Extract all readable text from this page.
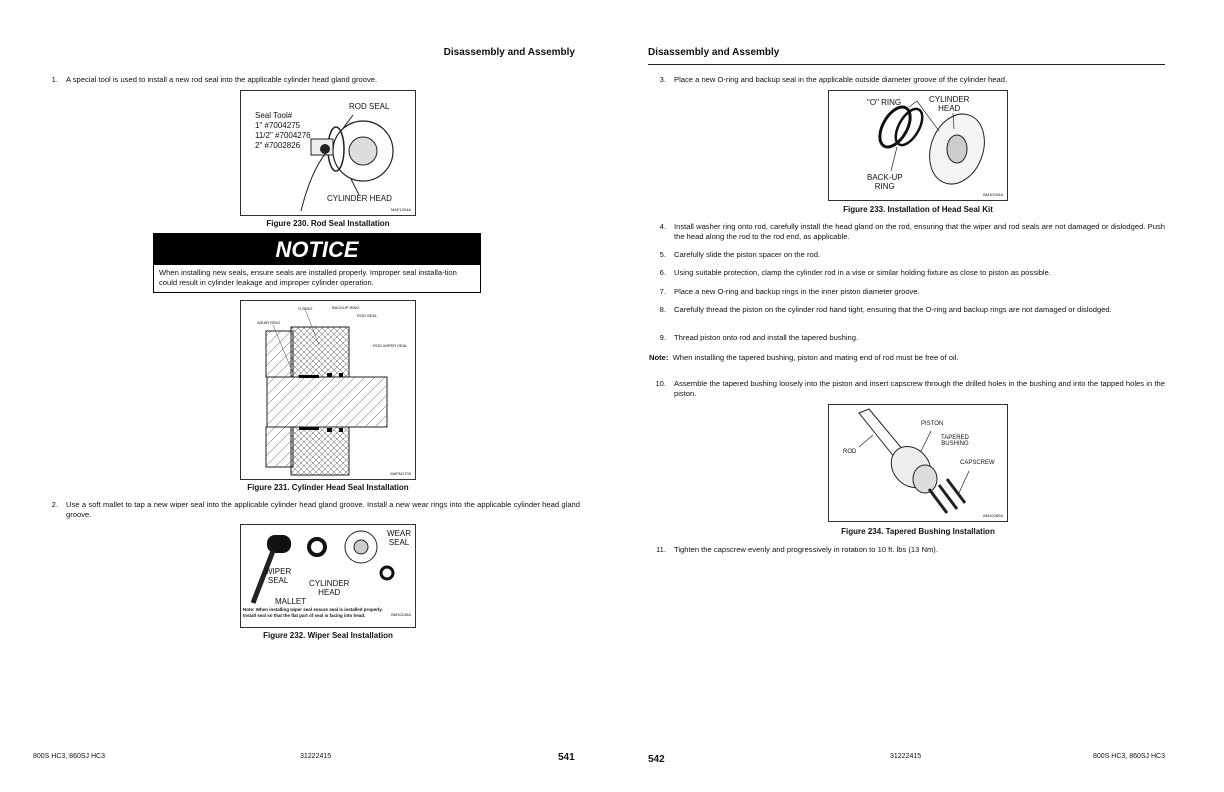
Disassembly and Assembly
1. A special tool is used to install a new rod seal into the applicable cylinder head gland groove.
Seal Tool#
1" #7004275
11/2" #7004276
2" #7002826
ROD SEAL
CYLINDER HEAD
MAF1204A
Figure 230. Rod Seal Installation
NOTICE
When installing new seals, ensure seals are installed properly. Improper seal installa-tion could result in cylinder leakage and improper cylinder operation.
O-RING	BACKUP RING
ROD SEAL
WEAR RING
ROD WIPER SEAL
MAFM1700
Figure 231. Cylinder Head Seal Installation
2. Use a soft mallet to tap a new wiper seal into the applicable cylinder head gland groove. Install a new wear rings into the applicable cylinder head gland groove.
WEAR
SEAL
WIPER
SEAL	CYLINDER
HEAD
MALLET
Note: When installing wiper seal ensure seal is installed properly. Install seal so that the flat part of seal is facing into head.	BM10245A
Figure 232. Wiper Seal Installation
800S HC3, 860SJ HC3	31222415	541
Disassembly and Assembly
3. Place a new O-ring and backup seal in the applicable outside diameter groove of the cylinder head.
"O" RING	CYLINDER
HEAD
BACK-UP
RING
BM10294A
Figure 233. Installation of Head Seal Kit
4. Install washer ring onto rod, carefully install the head gland on the rod, ensuring that the wiper and rod seals are not damaged or dislodged. Push the head along the rod to the rod end, as applicable.
5. Carefully slide the piston spacer on the rod.
6. Using suitable protection, clamp the cylinder rod in a vise or similar holding fixture as close to piston as possible.
7. Place a new O-ring and backup rings in the inner piston diameter groove.
8. Carefully thread the piston on the cylinder rod hand tight, ensuring that the O-ring and backup rings are not damaged or dislodged.
9. Thread piston onto rod and install the tapered bushing.
Note: When installing the tapered bushing, piston and mating end of rod must be free of oil.
10. Assemble the tapered bushing loosely into the piston and insert capscrew through the drilled holes in the bushing and into the tapped holes in the piston.
PISTON
TAPERED
BUSHING
ROD
CAPSCREW
BM10280A
Figure 234. Tapered Bushing Installation
11. Tighten the capscrew evenly and progressively in rotation to 10 ft. lbs (13 Nm).
542	31222415	800S HC3, 860SJ HC3
